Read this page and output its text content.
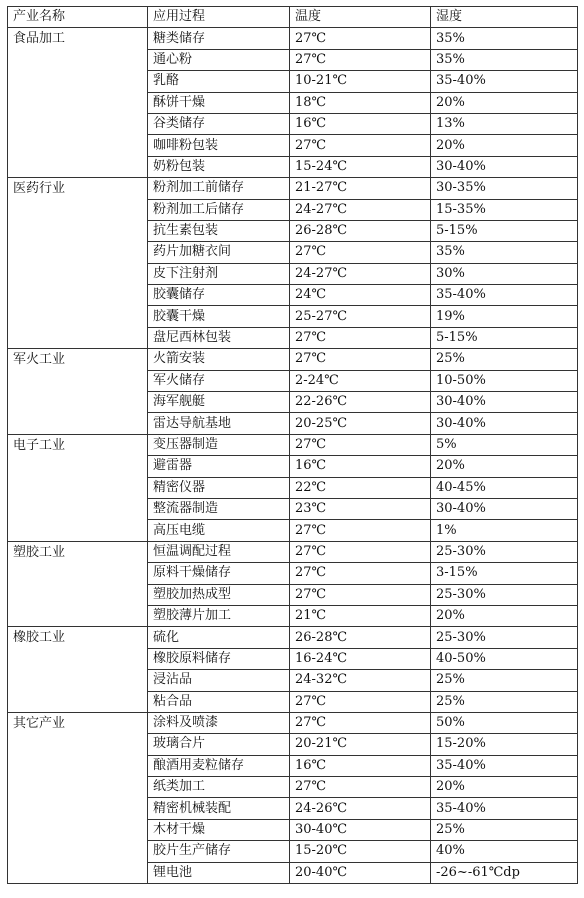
产业名称	应用过程	温度	湿度
食品加工	糖类储存	27℃	35%
	通心粉	27℃	35%
	乳酪	10-21℃	35-40%
	酥饼干燥	18℃	20%
	谷类储存	16℃	13%
	咖啡粉包装	27℃	20%
	奶粉包装	15-24℃	30-40%
医药行业	粉剂加工前储存	21-27℃	30-35%
	粉剂加工后储存	24-27℃	15-35%
	抗生素包装	26-28℃	5-15%
	药片加糖衣间	27℃	35%
	皮下注射剂	24-27℃	30%
	胶囊储存	24℃	35-40%
	胶囊干燥	25-27℃	19%
	盘尼西林包装	27℃	5-15%
军火工业	火箭安装	27℃	25%
	军火储存	2-24℃	10-50%
	海军舰艇	22-26℃	30-40%
	雷达导航基地	20-25℃	30-40%
电子工业	变压器制造	27℃	5%
	避雷器	16℃	20%
	精密仪器	22℃	40-45%
	整流器制造	23℃	30-40%
	高压电缆	27℃	1%
塑胶工业	恒温调配过程	27℃	25-30%
	原料干燥储存	27℃	3-15%
	塑胶加热成型	27℃	25-30%
	塑胶薄片加工	21℃	20%
橡胶工业	硫化	26-28℃	25-30%
	橡胶原料储存	16-24℃	40-50%
	浸沾品	24-32℃	25%
	粘合品	27℃	25%
其它产业	涂料及喷漆	27℃	50%
	玻璃合片	20-21℃	15-20%
	酿酒用麦粒储存	16℃	35-40%
	纸类加工	27℃	20%
	精密机械装配	24-26℃	35-40%
	木材干燥	30-40℃	25%
	胶片生产储存	15-20℃	40%
	锂电池	20-40℃	-26~-61℃dp
